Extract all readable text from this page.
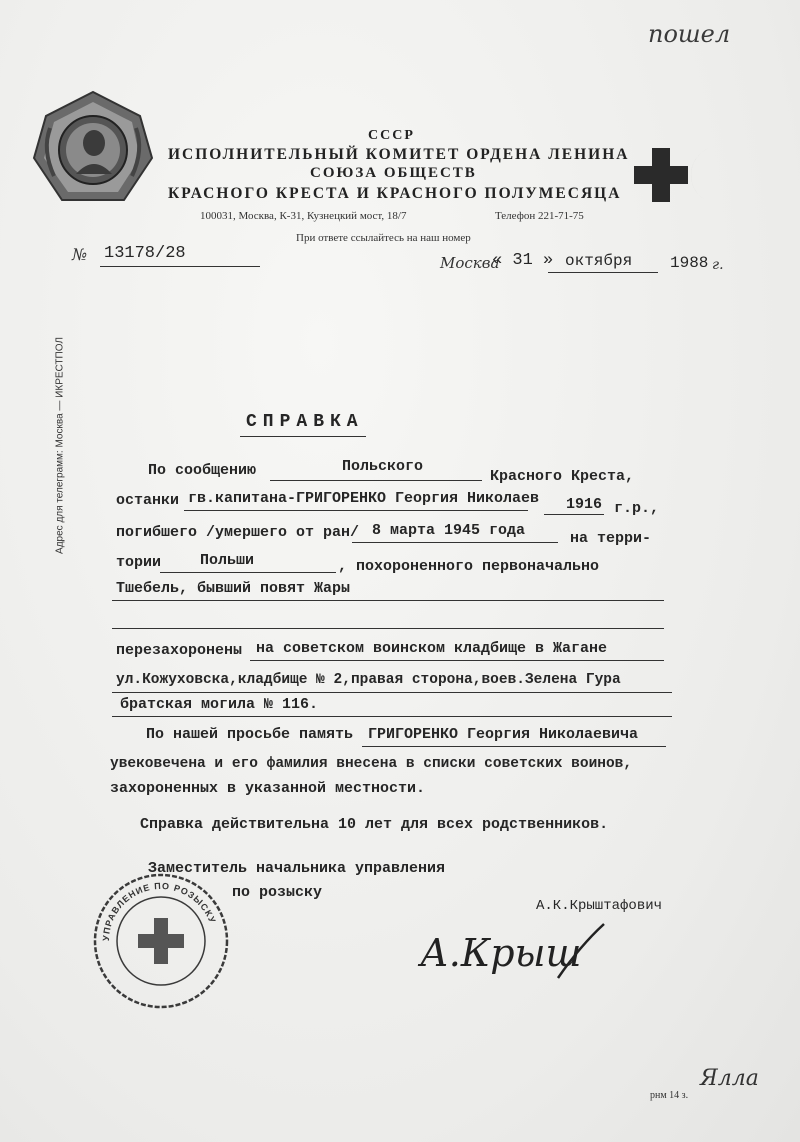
пошел
СССР
ИСПОЛНИТЕЛЬНЫЙ КОМИТЕТ ОРДЕНА ЛЕНИНА
СОЮЗА ОБЩЕСТВ
КРАСНОГО КРЕСТА И КРАСНОГО ПОЛУМЕСЯЦА
100031, Москва, К-31, Кузнецкий мост, 18/7	Телефон 221-71-75
При ответе ссылайтесь на наш номер
№ 13178/28	Москва
« 31 » октября 1988 г.
Адрес для телеграмм: Москва — ИКРЕСТПОЛ	СПРАВКА
По сообщению	Польского
Красного Креста,
останки гв.капитана-ГРИГОРЕНКО Георгия Николаев 1916 г.р.,
погибшего /умершего от ран/ 8 марта 1945 года	на терри-
тории	Польши	, похороненного первоначально
Тшебель, бывший повят Жары
перезахоронены на советском воинском кладбище в Жагане
ул.Кожуховска,кладбище № 2,правая сторона,воев.Зелена Гура
братская могила № 116.
По нашей просьбе память ГРИГОРЕНКО Георгия Николаевича
увековечена и его фамилия внесена в списки советских воинов,
захороненных в указанной местности.
Справка действительна 10 лет для всех родственников.
Заместитель начальника управления
по розыску
А.К.Крыштафович
А.Крыш
УПРАВЛЕНИЕ ПО РОЗЫСКУ
рнм 14 з.
Ялла
